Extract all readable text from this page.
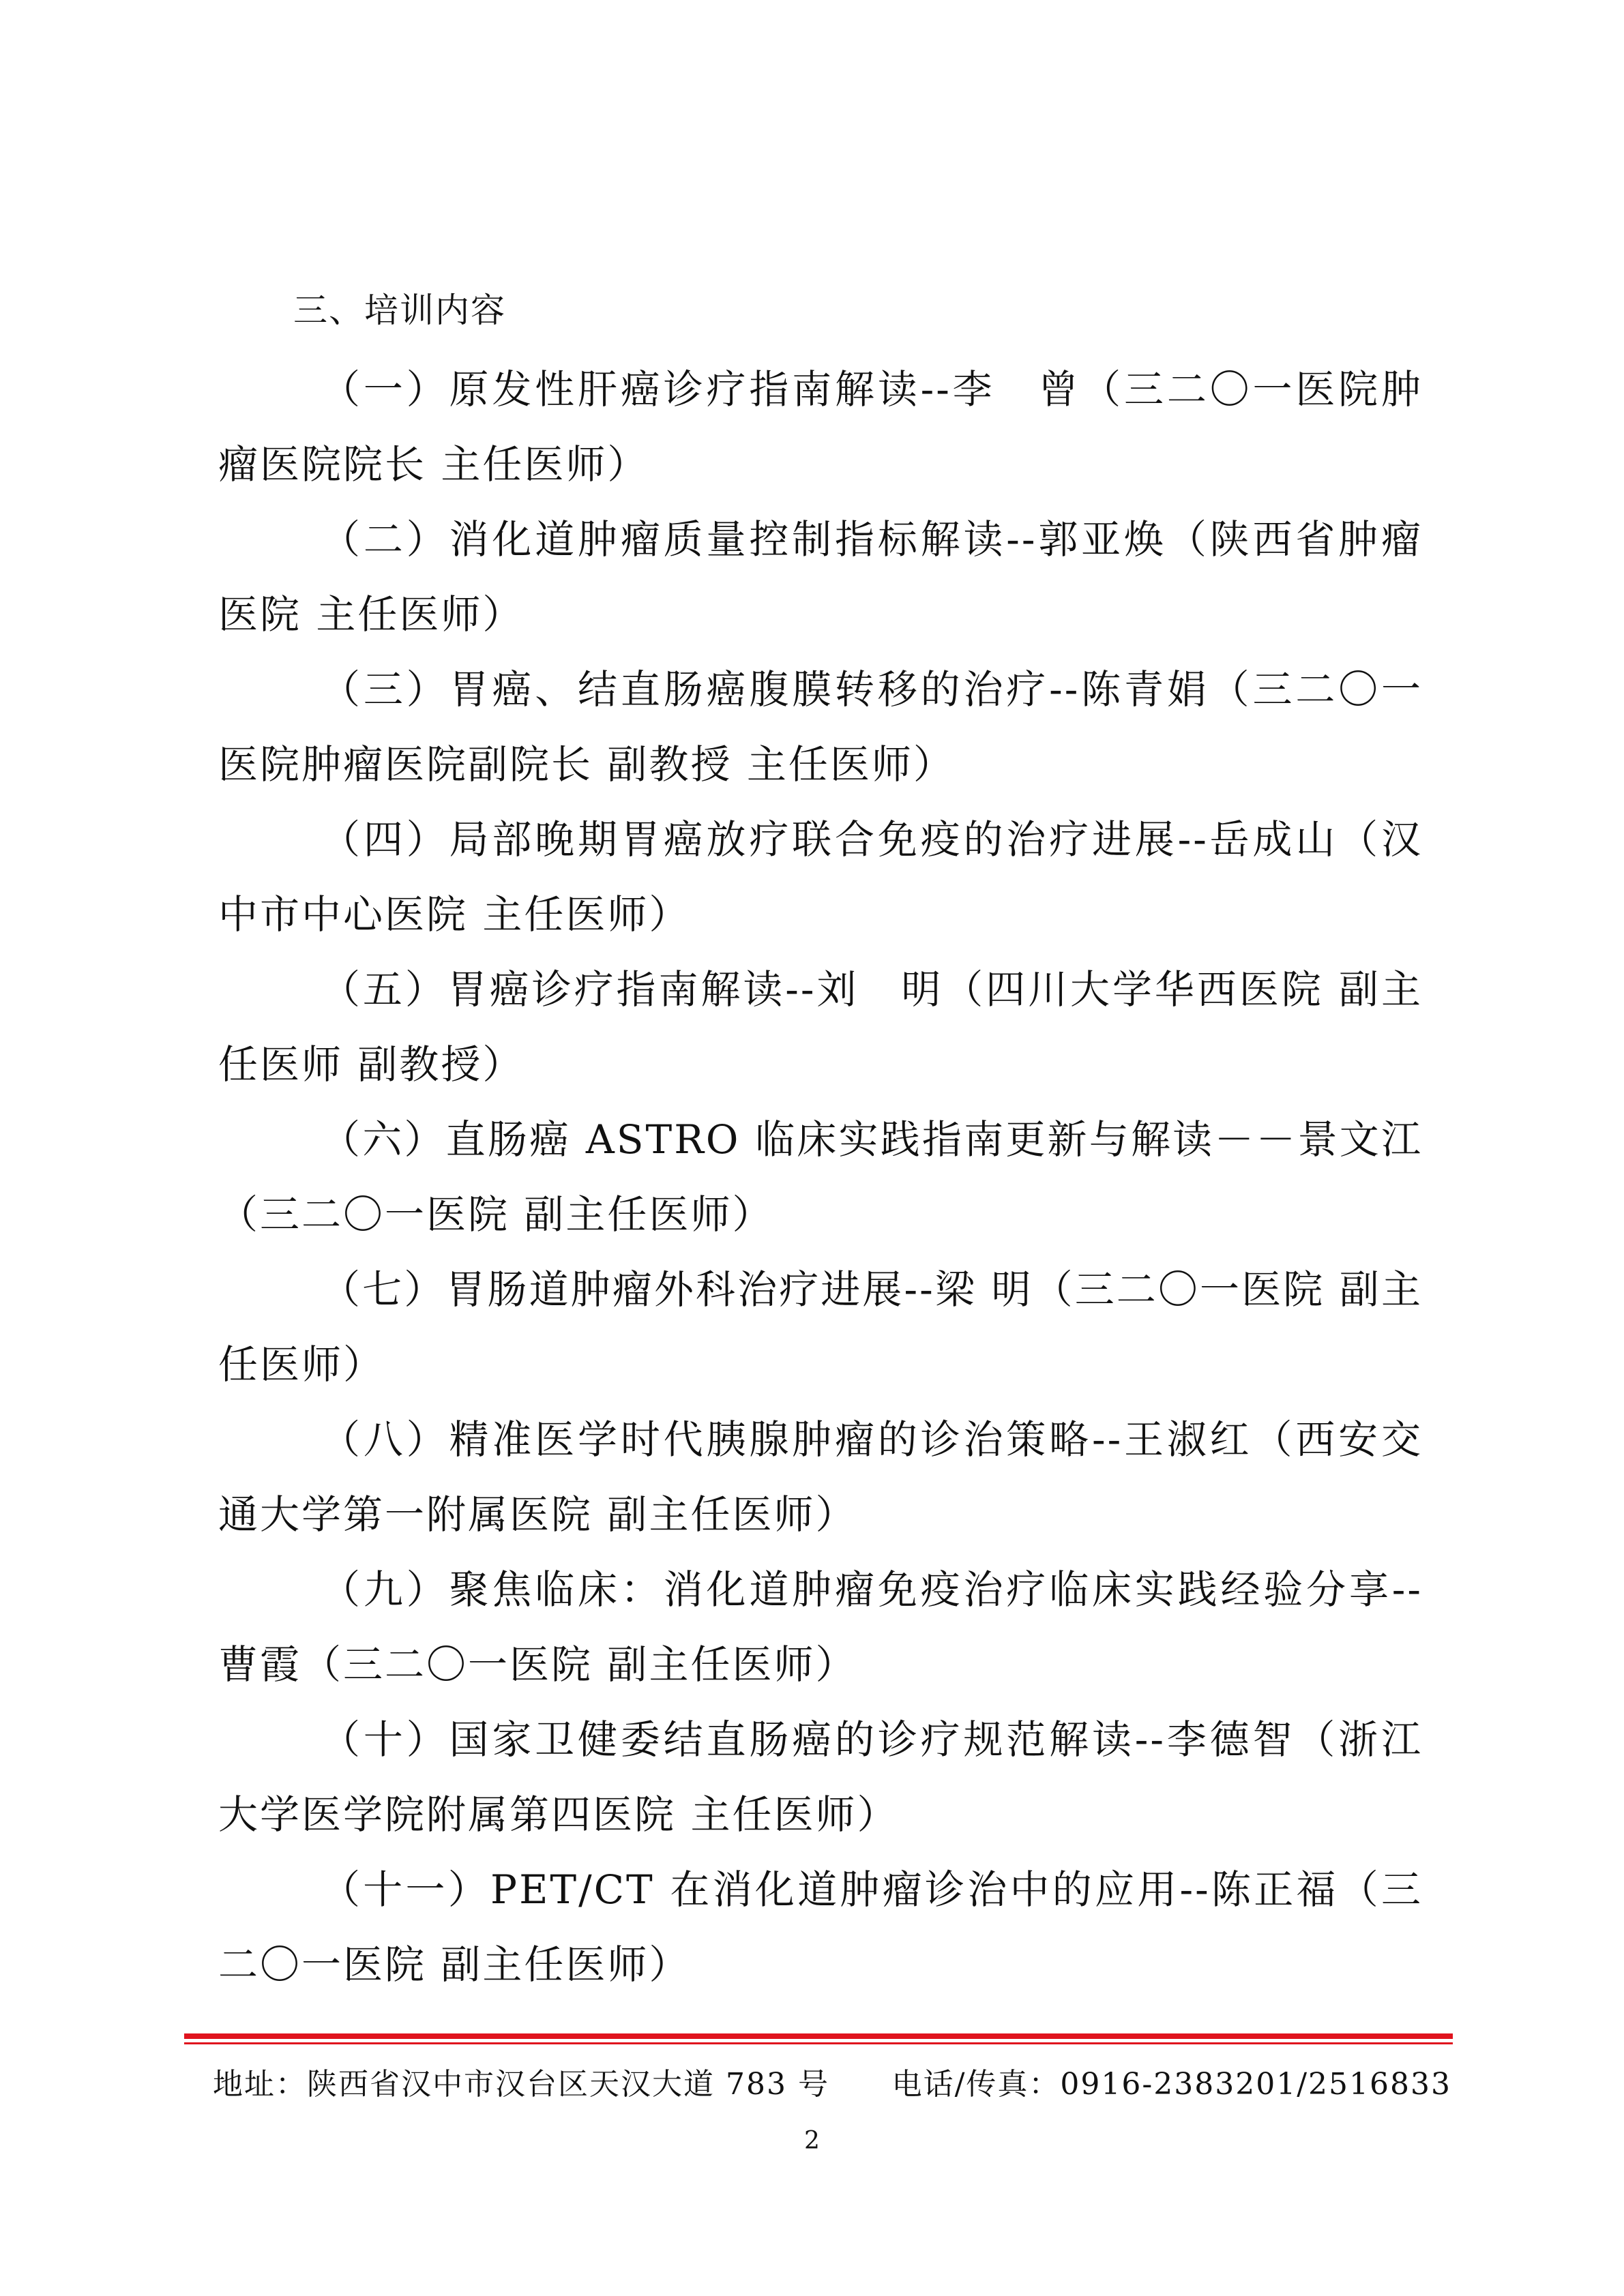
三、培训内容

（一）原发性肝癌诊疗指南解读--李　曾（三二〇一医院肿瘤医院院长 主任医师）

（二）消化道肿瘤质量控制指标解读--郭亚焕（陕西省肿瘤医院 主任医师）

（三）胃癌、结直肠癌腹膜转移的治疗--陈青娟（三二〇一医院肿瘤医院副院长 副教授 主任医师）

（四）局部晚期胃癌放疗联合免疫的治疗进展--岳成山（汉中市中心医院 主任医师）

（五）胃癌诊疗指南解读--刘　明（四川大学华西医院 副主任医师 副教授）

（六）直肠癌 ASTRO 临床实践指南更新与解读－－景文江（三二〇一医院 副主任医师）

（七）胃肠道肿瘤外科治疗进展--梁 明（三二〇一医院 副主任医师）

（八）精准医学时代胰腺肿瘤的诊治策略--王淑红（西安交通大学第一附属医院 副主任医师）

（九）聚焦临床：消化道肿瘤免疫治疗临床实践经验分享--曹霞（三二〇一医院 副主任医师）

（十）国家卫健委结直肠癌的诊疗规范解读--李德智（浙江大学医学院附属第四医院 主任医师）

（十一）PET/CT 在消化道肿瘤诊治中的应用--陈正福（三二〇一医院 副主任医师）

地址：陕西省汉中市汉台区天汉大道 783 号 电话/传真：0916-2383201/2516833
2
